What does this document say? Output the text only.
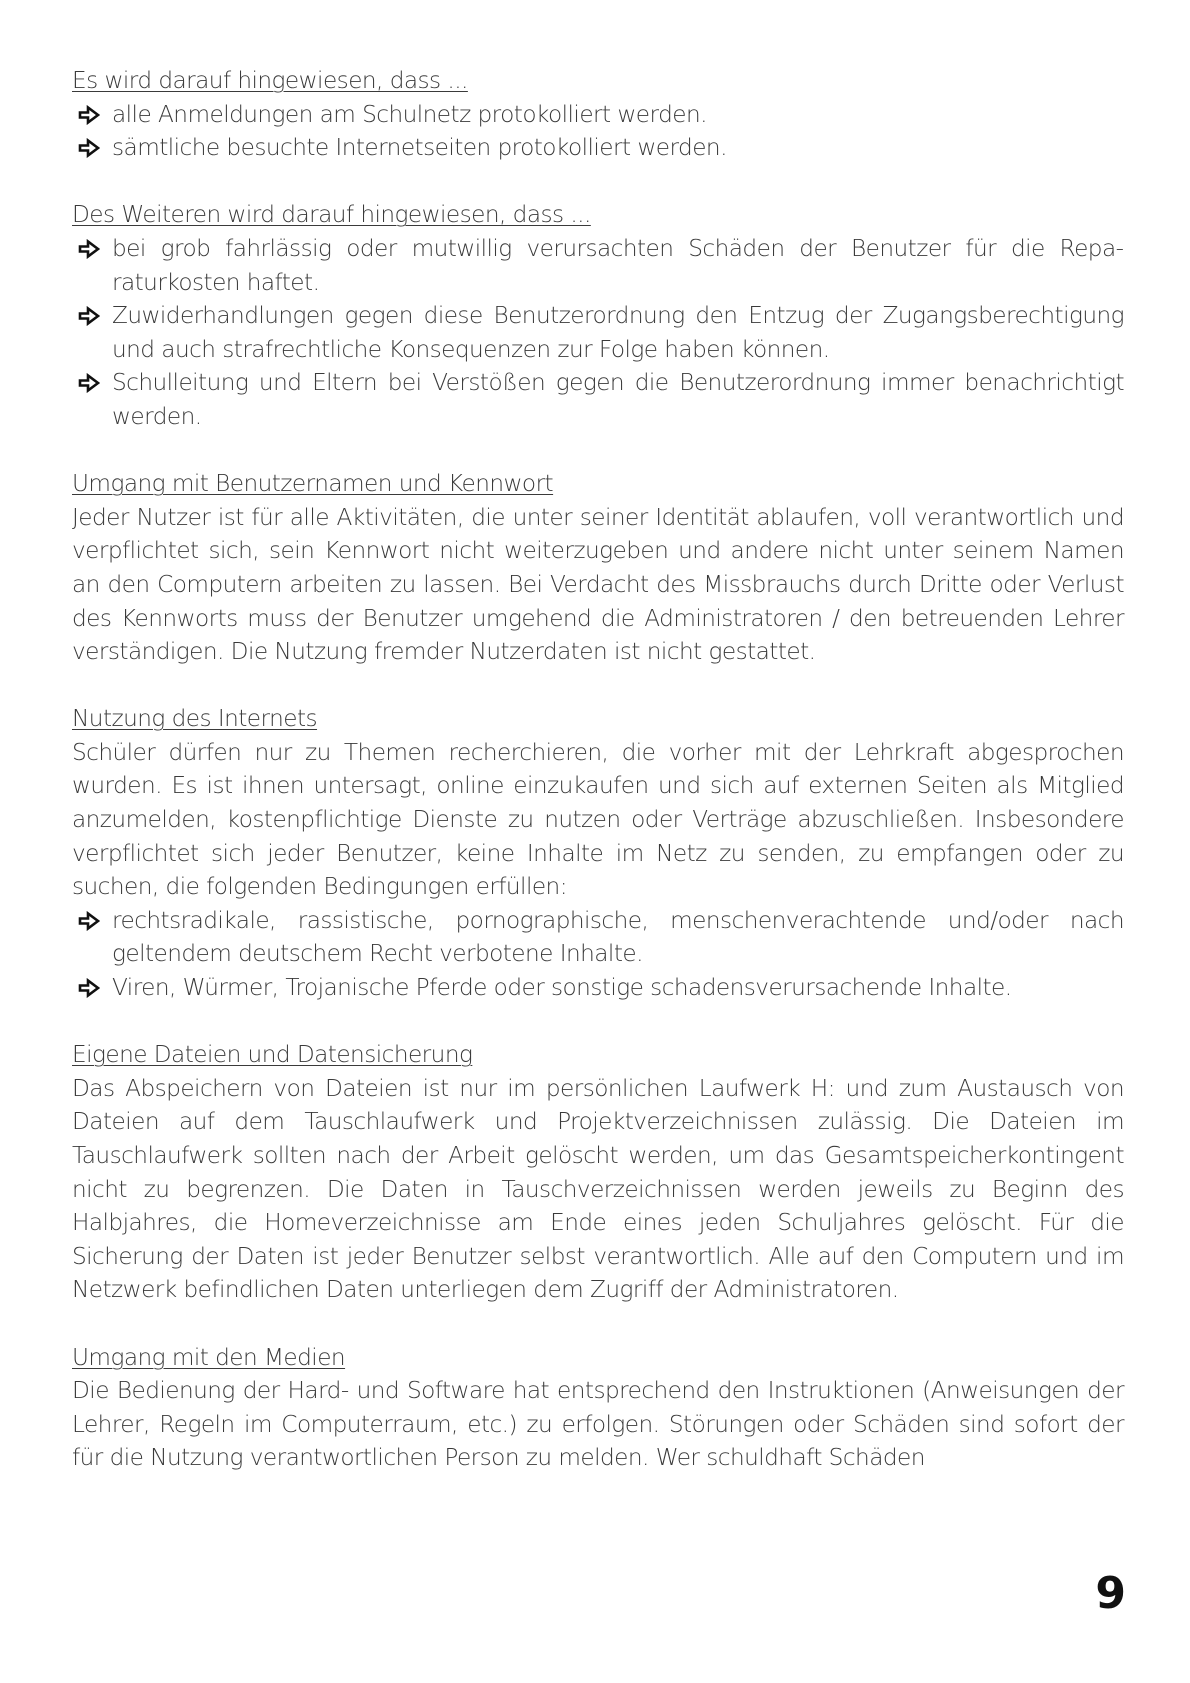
Es wird darauf hingewiesen, dass ...
alle Anmeldungen am Schulnetz protokolliert werden.
sämtliche besuchte Internetseiten protokolliert werden.
Des Weiteren wird darauf hingewiesen, dass ...
bei grob fahrlässig oder mutwillig verursachten Schäden der Benutzer für die Reparaturkosten haftet.
Zuwiderhandlungen gegen diese Benutzerordnung den Entzug der Zugangsberechtigung und auch strafrechtliche Konsequenzen zur Folge haben können.
Schulleitung und Eltern bei Verstößen gegen die Benutzerordnung immer benachrichtigt werden.
Umgang mit Benutzernamen und Kennwort
Jeder Nutzer ist für alle Aktivitäten, die unter seiner Identität ablaufen, voll verantwortlich und verpflichtet sich, sein Kennwort nicht weiterzugeben und andere nicht unter seinem Namen an den Computern arbeiten zu lassen. Bei Verdacht des Missbrauchs durch Dritte oder Verlust des Kennworts muss der Benutzer umgehend die Administratoren / den betreuenden Lehrer verständigen. Die Nutzung fremder Nutzerdaten ist nicht gestattet.
Nutzung des Internets
Schüler dürfen nur zu Themen recherchieren, die vorher mit der Lehrkraft abgesprochen wurden. Es ist ihnen untersagt, online einzukaufen und sich auf externen Seiten als Mitglied anzumelden, kostenpflichtige Dienste zu nutzen oder Verträge abzuschließen. Insbesondere verpflichtet sich jeder Benutzer, keine Inhalte im Netz zu senden, zu empfangen oder zu suchen, die folgenden Bedingungen erfüllen:
rechtsradikale, rassistische, pornographische, menschenverachtende und/oder nach geltendem deutschem Recht verbotene Inhalte.
Viren, Würmer, Trojanische Pferde oder sonstige schadensverursachende Inhalte.
Eigene Dateien und Datensicherung
Das Abspeichern von Dateien ist nur im persönlichen Laufwerk H: und zum Austausch von Dateien auf dem Tauschlaufwerk und Projektverzeichnissen zulässig. Die Dateien im Tauschlaufwerk sollten nach der Arbeit gelöscht werden, um das Gesamtspeicherkontingent nicht zu begrenzen. Die Daten in Tauschverzeichnissen werden jeweils zu Beginn des Halbjahres, die Homeverzeichnisse am Ende eines jeden Schuljahres gelöscht. Für die Sicherung der Daten ist jeder Benutzer selbst verantwortlich. Alle auf den Computern und im Netzwerk befindlichen Daten unterliegen dem Zugriff der Administratoren.
Umgang mit den Medien
Die Bedienung der Hard- und Software hat entsprechend den Instruktionen (Anweisungen der Lehrer, Regeln im Computerraum, etc.) zu erfolgen. Störungen oder Schäden sind sofort der für die Nutzung verantwortlichen Person zu melden. Wer schuldhaft Schäden
9
